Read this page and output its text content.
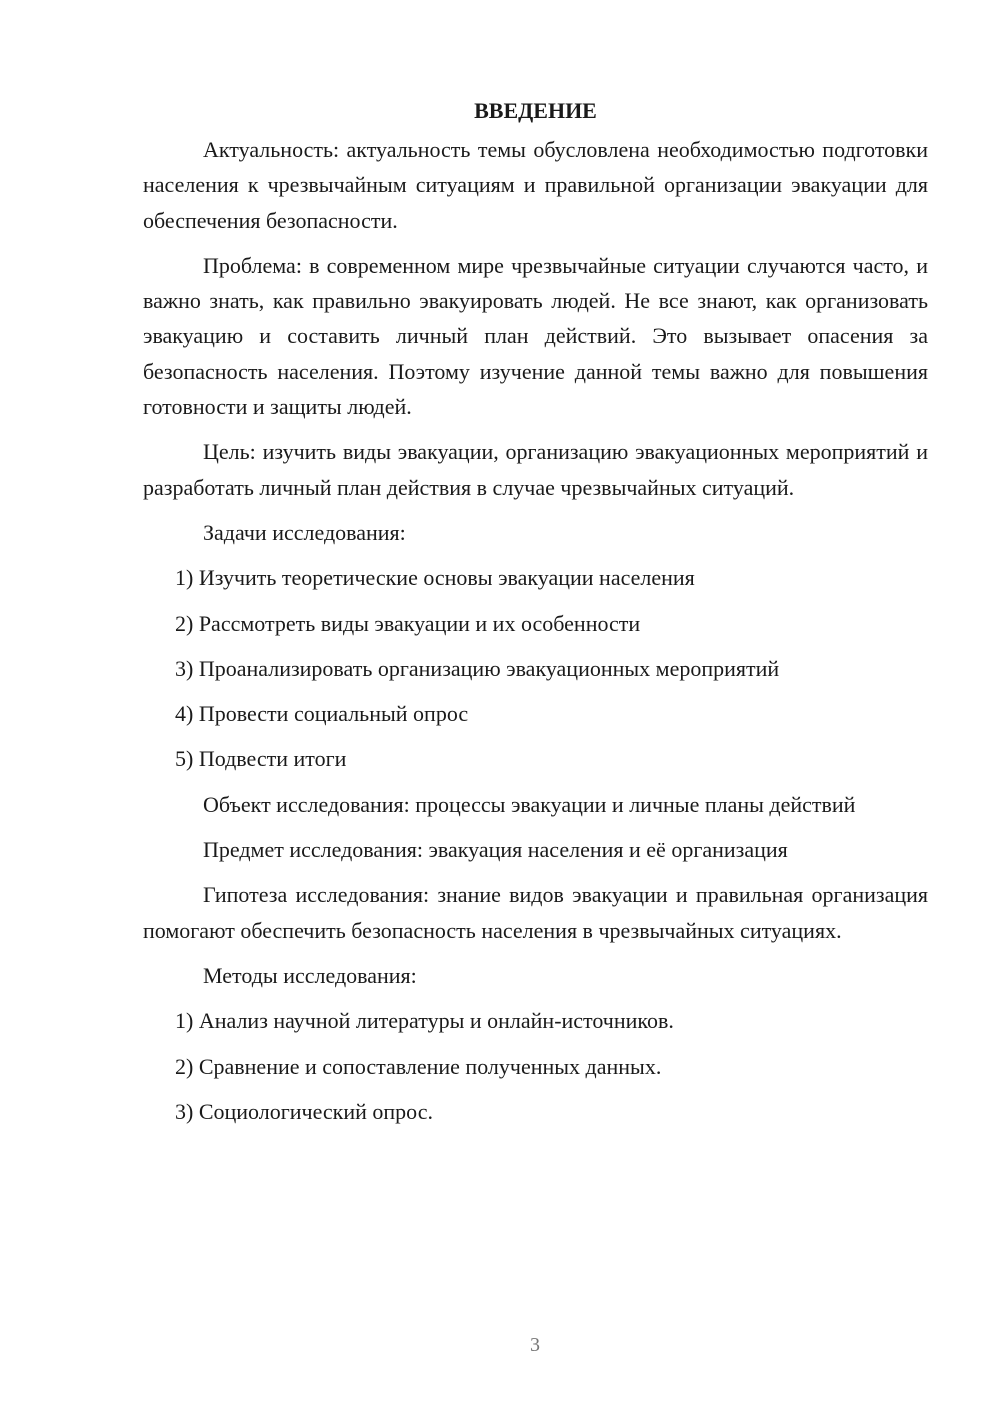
ВВЕДЕНИЕ

Актуальность: актуальность темы обусловлена необходимостью подготовки населения к чрезвычайным ситуациям и правильной организации эвакуации для обеспечения безопасности.

Проблема: в современном мире чрезвычайные ситуации случаются часто, и важно знать, как правильно эвакуировать людей. Не все знают, как организовать эвакуацию и составить личный план действий. Это вызывает опасения за безопасность населения. Поэтому изучение данной темы важно для повышения готовности и защиты людей.

Цель: изучить виды эвакуации, организацию эвакуационных мероприятий и разработать личный план действия в случае чрезвычайных ситуаций.

Задачи исследования:

1) Изучить теоретические основы эвакуации населения
2) Рассмотреть виды эвакуации и их особенности
3) Проанализировать организацию эвакуационных мероприятий
4) Провести социальный опрос
5) Подвести итоги

Объект исследования: процессы эвакуации и личные планы действий

Предмет исследования: эвакуация населения и её организация

Гипотеза исследования: знание видов эвакуации и правильная организация помогают обеспечить безопасность населения в чрезвычайных ситуациях.

Методы исследования:

1) Анализ научной литературы и онлайн-источников.
2) Сравнение и сопоставление полученных данных.
3) Социологический опрос.
3
